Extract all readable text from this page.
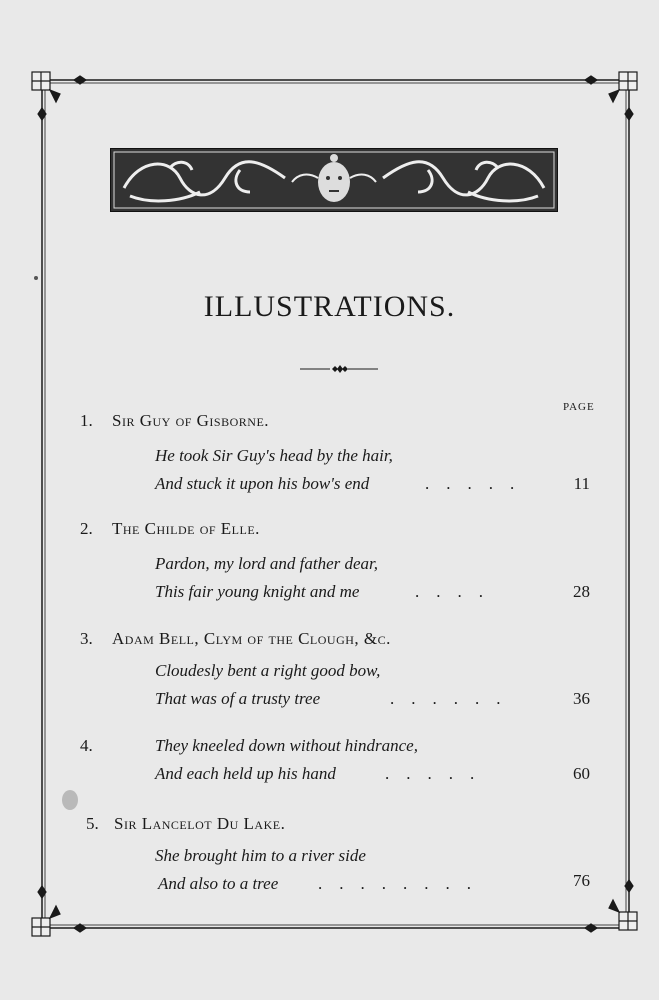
ILLUSTRATIONS.
PAGE
1. Sir Guy of Gisborne.
He took Sir Guy's head by the hair,
And stuck it upon his bow's end	.    .    .    .    .	11
2. The Childe of Elle.
Pardon, my lord and father dear,
This fair young knight and me	.    .    .    .	28
3. Adam Bell, Clym of the Clough, &c.
Cloudesly bent a right good bow,
That was of a trusty tree	.    .    .    .    .    .	36
4.	They kneeled down without hindrance,
And each held up his hand	.    .    .    .    .	60
5. Sir Lancelot Du Lake.
She brought him to a river side
And also to a tree .    .    .    .    .    .    .    .	76
